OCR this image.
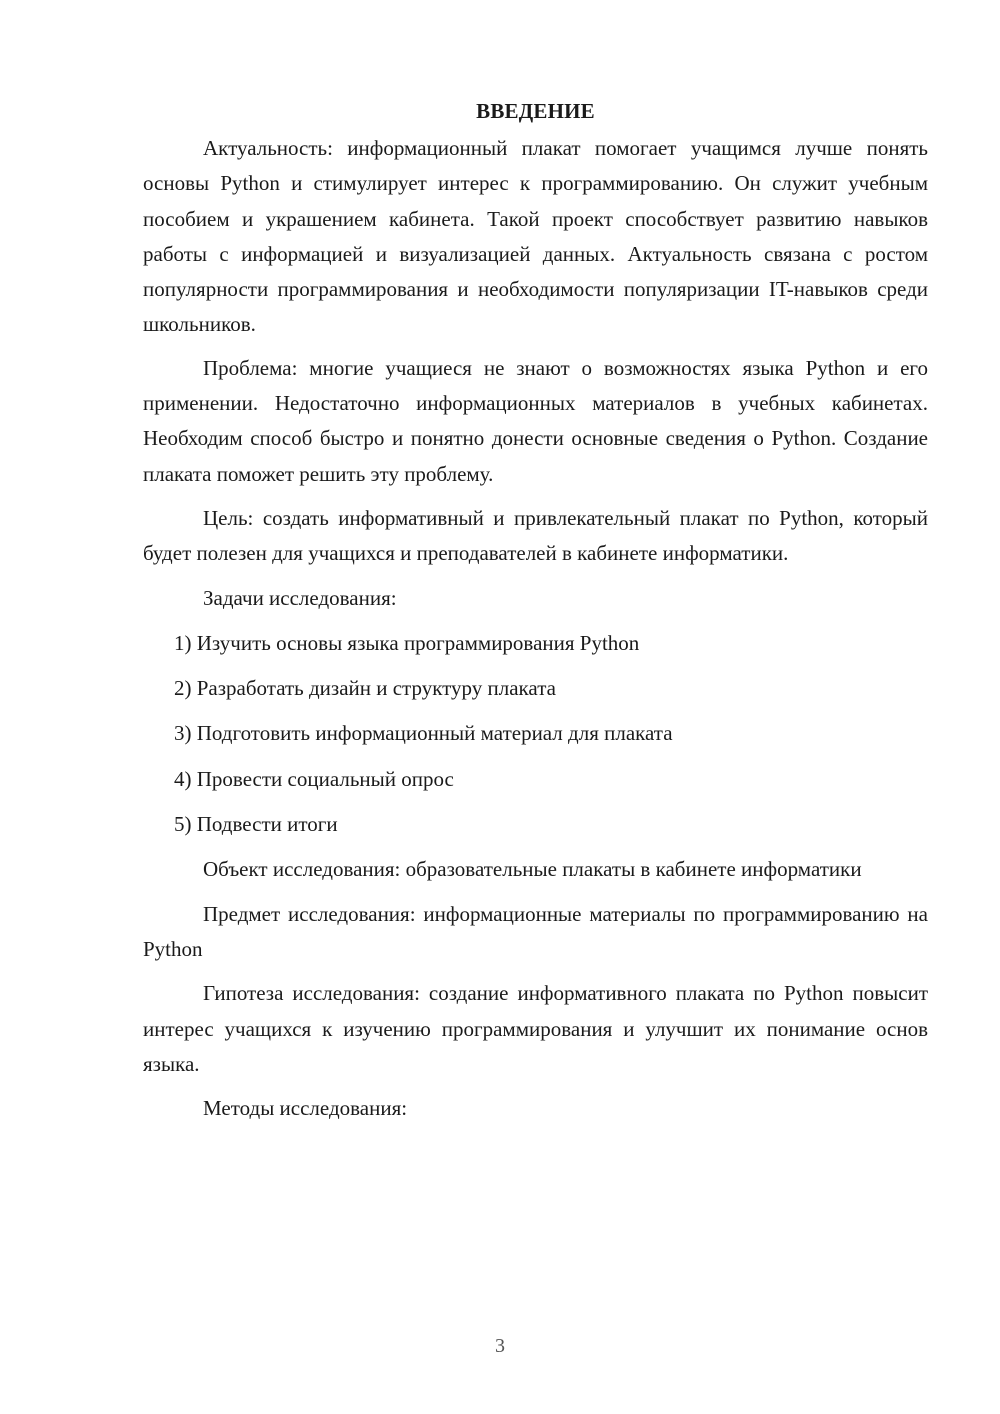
ВВЕДЕНИЕ

Актуальность: информационный плакат помогает учащимся лучше понять основы Python и стимулирует интерес к программированию. Он служит учебным пособием и украшением кабинета. Такой проект способствует развитию навыков работы с информацией и визуализацией данных. Актуальность связана с ростом популярности программирования и необходимости популяризации IT-навыков среди школьников.

Проблема: многие учащиеся не знают о возможностях языка Python и его применении. Недостаточно информационных материалов в учебных кабинетах. Необходим способ быстро и понятно донести основные сведения о Python. Создание плаката поможет решить эту проблему.

Цель: создать информативный и привлекательный плакат по Python, который будет полезен для учащихся и преподавателей в кабинете информатики.

Задачи исследования:

1) Изучить основы языка программирования Python
2) Разработать дизайн и структуру плаката
3) Подготовить информационный материал для плаката
4) Провести социальный опрос
5) Подвести итоги

Объект исследования: образовательные плакаты в кабинете информатики

Предмет исследования: информационные материалы по программированию на Python

Гипотеза исследования: создание информативного плаката по Python повысит интерес учащихся к изучению программирования и улучшит их понимание основ языка.

Методы исследования:

3
